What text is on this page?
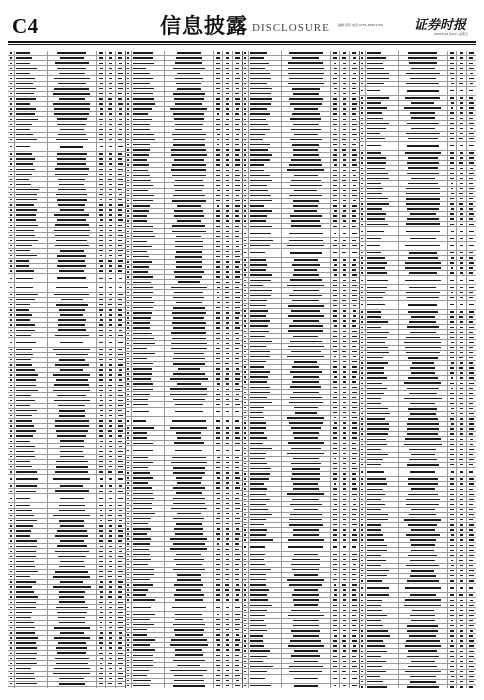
C4	信息披露 DISCLOSURE	编辑:吴军 电话:0755-83501750 证券时报
2020年10月30日 星期五
